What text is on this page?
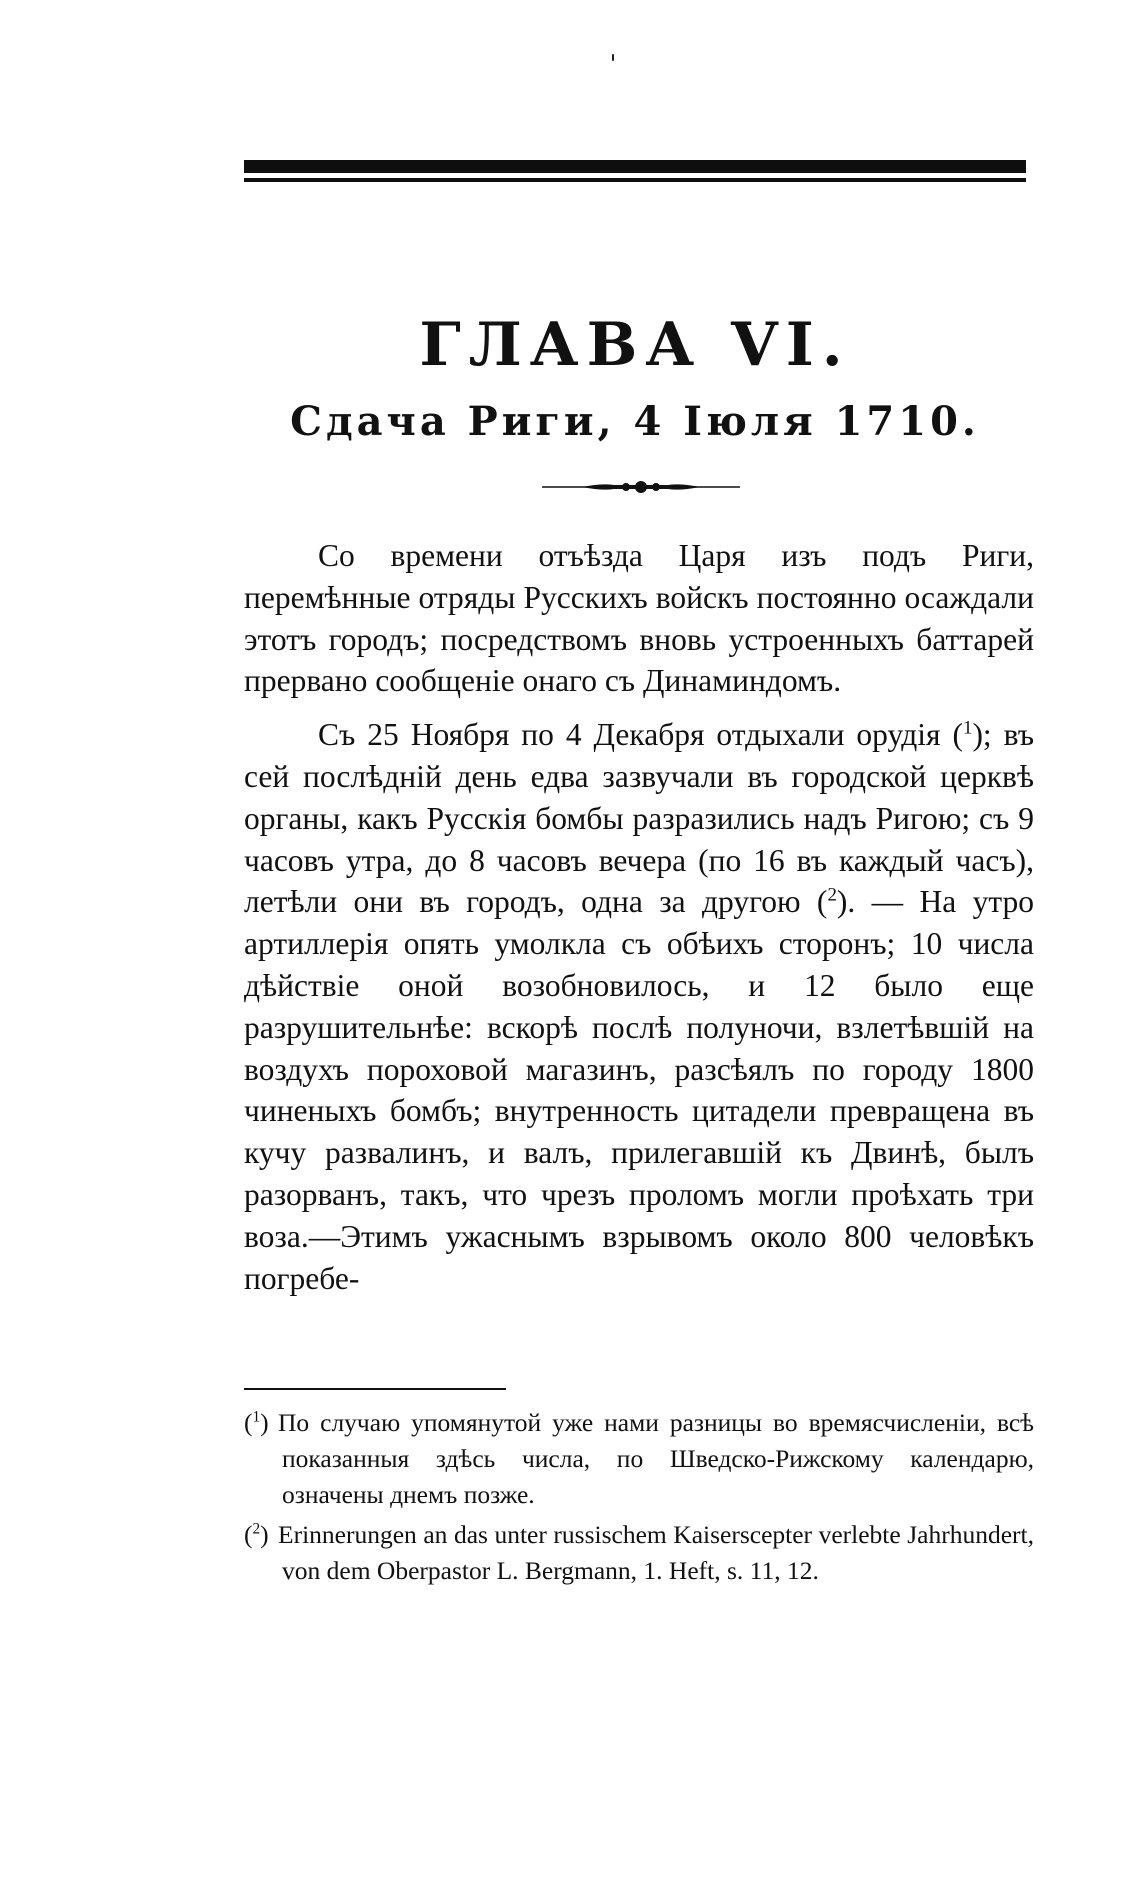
ГЛАВА VI.
Сдача Риги, 4 Іюля 1710.

Со времени отъѣзда Царя изъ подъ Риги, перемѣнные отряды Русскихъ войскъ постоянно осаждали этотъ городъ; посредствомъ вновь устроенныхъ баттарей прервано сообщеніе онаго съ Динаминдомъ.

Съ 25 Ноября по 4 Декабря отдыхали орудія ($^1$); въ сей послѣдній день едва зазвучали въ городской церквѣ органы, какъ Русскія бомбы разразились надъ Ригою; съ 9 часовъ утра, до 8 часовъ вечера (по 16 въ каждый часъ), летѣли они въ городъ, одна за другою ($^2$). — На утро артиллерія опять умолкла съ обѣихъ сторонъ; 10 числа дѣйствіе оной возобновилось, и 12 было еще разрушительнѣе: вскорѣ послѣ полуночи, взлетѣвшій на воздухъ пороховой магазинъ, разсѣялъ по городу 1800 чиненыхъ бомбъ; внутренность цитадели превращена въ кучу развалинъ, и валъ, прилегавшій къ Двинѣ, былъ разорванъ, такъ, что чрезъ проломъ могли проѣхать три воза.—Этимъ ужаснымъ взрывомъ около 800 человѣкъ погребе-

($^1$) По случаю упомянутой уже нами разницы во времясчисленіи, всѣ показанныя здѣсь числа, по Шведско-Рижскому календарю, означены днемъ позже.

($^2$) Erinnerungen an das unter russischem Kaiserscepter verlebte Jahrhundert, von dem Oberpastor L. Bergmann, 1. Heft, s. 11, 12.
